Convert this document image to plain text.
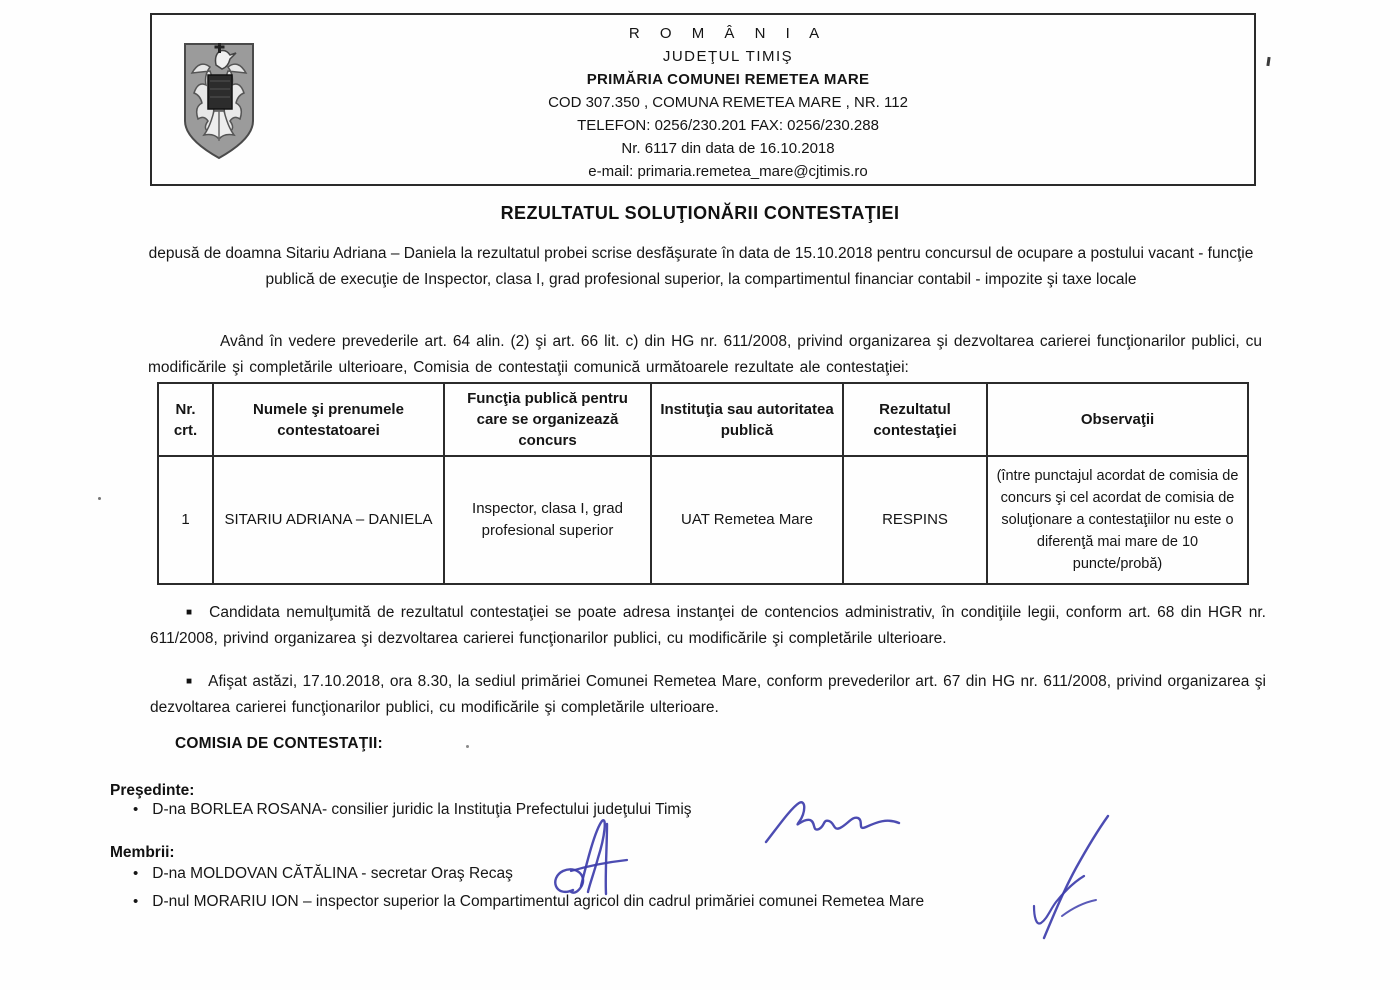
R O M Â N I A
JUDEŢUL TIMIŞ
PRIMĂRIA COMUNEI REMETEA MARE
COD 307.350 , COMUNA REMETEA MARE , NR. 112
TELEFON: 0256/230.201 FAX: 0256/230.288
Nr. 6117 din data de 16.10.2018
e-mail: primaria.remetea_mare@cjtimis.ro
REZULTATUL SOLUŢIONĂRII CONTESTAŢIEI
depusă de doamna Sitariu Adriana – Daniela la rezultatul probei scrise desfăşurate în data de 15.10.2018 pentru concursul de ocupare a postului vacant - funcţie publică de execuţie de Inspector, clasa I, grad profesional superior, la compartimentul financiar contabil - impozite şi taxe locale
Având în vedere prevederile art. 64 alin. (2) şi art. 66 lit. c) din HG nr. 611/2008, privind organizarea şi dezvoltarea carierei funcţionarilor publici, cu modificările şi completările ulterioare, Comisia de contestaţii comunică următoarele rezultate ale contestaţiei:
Nr. crt.	Numele şi prenumele contestatoarei	Funcţia publică pentru care se organizează concurs	Instituţia sau autoritatea publică	Rezultatul contestaţiei	Observaţii
1	SITARIU ADRIANA – DANIELA	Inspector, clasa I, grad profesional superior	UAT Remetea Mare	RESPINS	(între punctajul acordat de comisia de concurs şi cel acordat de comisia de soluţionare a contestaţiilor nu este o diferenţă mai mare de 10 puncte/probă)

■ Candidata nemulţumită de rezultatul contestaţiei se poate adresa instanţei de contencios administrativ, în condiţiile legii, conform art. 68 din HGR nr. 611/2008, privind organizarea şi dezvoltarea carierei funcţionarilor publici, cu modificările şi completările ulterioare.

■ Afişat astăzi, 17.10.2018, ora 8.30, la sediul primăriei Comunei Remetea Mare, conform prevederilor art. 67 din HG nr. 611/2008, privind organizarea şi dezvoltarea carierei funcţionarilor publici, cu modificările şi completările ulterioare.

COMISIA DE CONTESTAŢII:
Preşedinte:
• D-na BORLEA ROSANA- consilier juridic la Instituţia Prefectului judeţului Timiş
Membrii:
• D-na MOLDOVAN CĂTĂLINA - secretar Oraş Recaş
• D-nul MORARIU ION – inspector superior la Compartimentul agricol din cadrul primăriei comunei Remetea Mare
